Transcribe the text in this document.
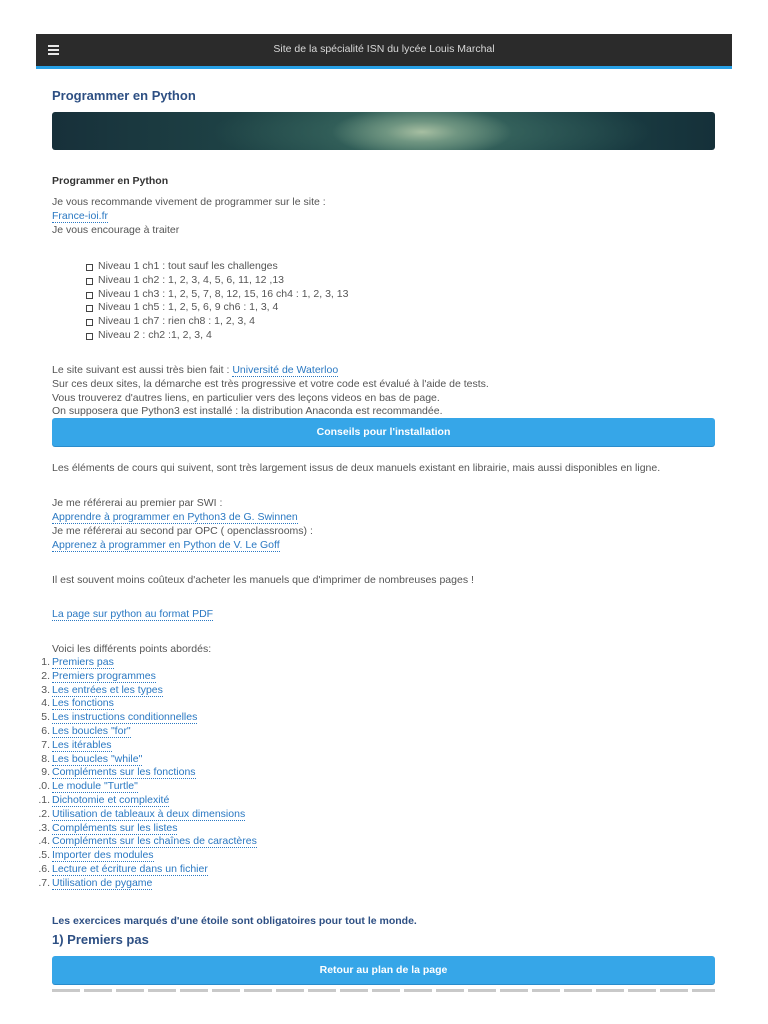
Site de la spécialité ISN du lycée Louis Marchal
Programmer en Python
Programmer en Python
Je vous recommande vivement de programmer sur le site :
France-ioi.fr
Je vous encourage à traiter
Niveau 1 ch1 : tout sauf les challenges
Niveau 1 ch2 : 1, 2, 3, 4, 5, 6, 11, 12 ,13
Niveau 1 ch3 : 1, 2, 5, 7, 8, 12, 15, 16 ch4 : 1, 2, 3, 13
Niveau 1 ch5 : 1, 2, 5, 6, 9 ch6 : 1, 3, 4
Niveau 1 ch7 : rien ch8 : 1, 2, 3, 4
Niveau 2 : ch2 :1, 2, 3, 4
Le site suivant est aussi très bien fait : Université de Waterloo
Sur ces deux sites, la démarche est très progressive et votre code est évalué à l'aide de tests.
Vous trouverez d'autres liens, en particulier vers des leçons videos en bas de page.
On supposera que Python3 est installé : la distribution Anaconda est recommandée.
Conseils pour l'installation
Les éléments de cours qui suivent, sont très largement issus de deux manuels existant en librairie, mais aussi disponibles en ligne.
Je me référerai au premier par SWI :
Apprendre à programmer en Python3 de G. Swinnen
Je me référerai au second par OPC ( openclassrooms) :
Apprenez à programmer en Python de V. Le Goff
Il est souvent moins coûteux d'acheter les manuels que d'imprimer de nombreuses pages !
La page sur python au format PDF
Voici les différents points abordés:
1. Premiers pas
2. Premiers programmes
3. Les entrées et les types
4. Les fonctions
5. Les instructions conditionnelles
6. Les boucles "for"
7. Les itérables
8. Les boucles "while"
9. Compléments sur les fonctions
.0. Le module "Turtle"
.1. Dichotomie et complexité
.2. Utilisation de tableaux à deux dimensions
.3. Compléments sur les listes
.4. Compléments sur les chaînes de caractères
.5. Importer des modules
.6. Lecture et écriture dans un fichier
.7. Utilisation de pygame
Les exercices marqués d'une étoile sont obligatoires pour tout le monde.
1) Premiers pas
Retour au plan de la page
